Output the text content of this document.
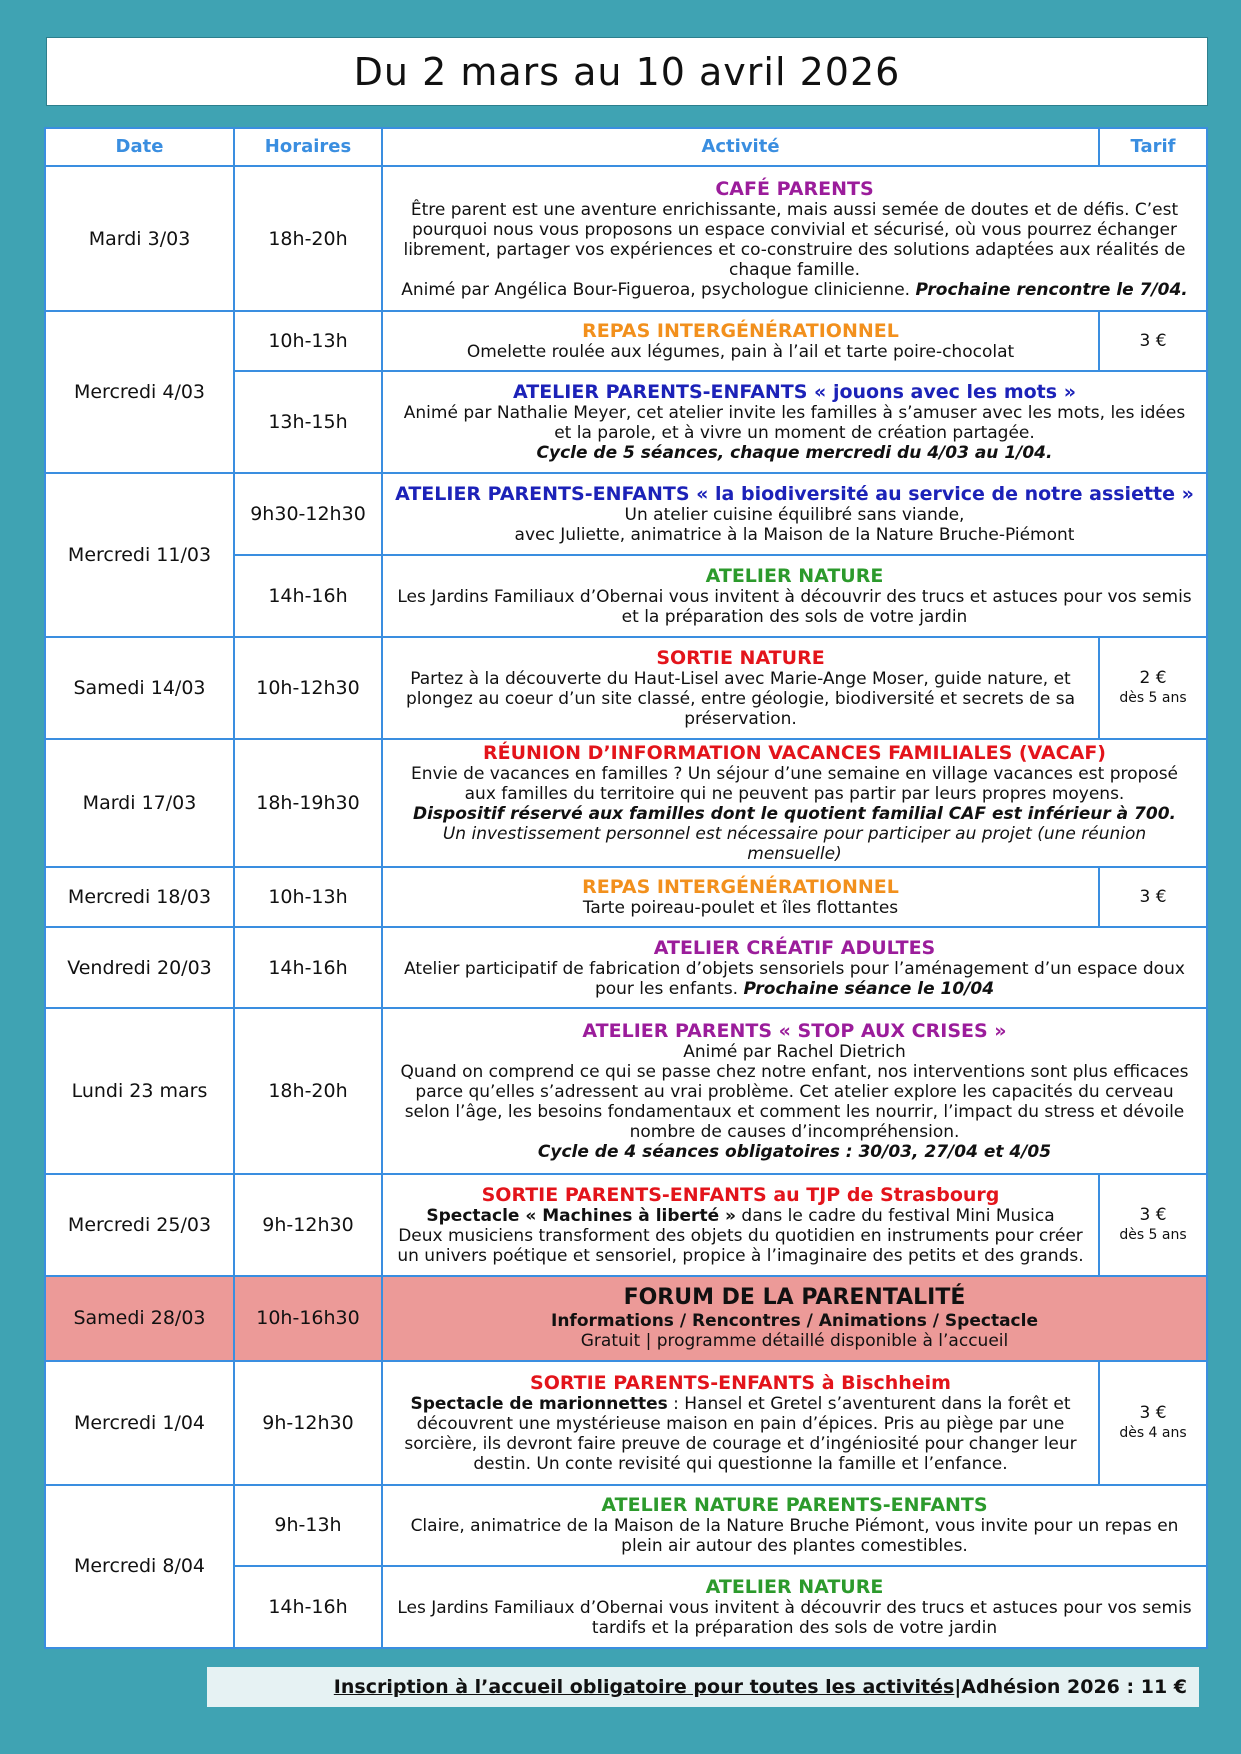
Du 2 mars au 10 avril 2026
Date	Horaires	Activité	Tarif
Mardi 3/03	18h-20h	CAFÉ PARENTS
Être parent est une aventure enrichissante, mais aussi semée de doutes et de défis. C’est pourquoi nous vous proposons un espace convivial et sécurisé, où vous pourrez échanger librement, partager vos expériences et co-construire des solutions adaptées aux réalités de chaque famille.
Animé par Angélica Bour-Figueroa, psychologue clinicienne. Prochaine rencontre le 7/04.	

Mercredi 4/03	10h-13h	REPAS INTERGÉNÉRATIONNEL
Omelette roulée aux légumes, pain à l’ail et tarte poire-chocolat	3 €
	13h-15h	ATELIER PARENTS-ENFANTS « jouons avec les mots »
Animé par Nathalie Meyer, cet atelier invite les familles à s’amuser avec les mots, les idées et la parole, et à vivre un moment de création partagée.
Cycle de 5 séances, chaque mercredi du 4/03 au 1/04.	

Mercredi 11/03	9h30-12h30	ATELIER PARENTS-ENFANTS « la biodiversité au service de notre assiette »
Un atelier cuisine équilibré sans viande,
avec Juliette, animatrice à la Maison de la Nature Bruche-Piémont	

	14h-16h	ATELIER NATURE
Les Jardins Familiaux d’Obernai vous invitent à découvrir des trucs et astuces pour vos semis et la préparation des sols de votre jardin	

Samedi 14/03	10h-12h30	SORTIE NATURE
Partez à la découverte du Haut-Lisel avec Marie-Ange Moser, guide nature, et plongez au coeur d’un site classé, entre géologie, biodiversité et secrets de sa préservation.	2 €
dès 5 ans

Mardi 17/03	18h-19h30	RÉUNION D’INFORMATION VACANCES FAMILIALES (VACAF)
Envie de vacances en familles ? Un séjour d’une semaine en village vacances est proposé aux familles du territoire qui ne peuvent pas partir par leurs propres moyens.
Dispositif réservé aux familles dont le quotient familial CAF est inférieur à 700.
Un investissement personnel est nécessaire pour participer au projet (une réunion mensuelle)	

Mercredi 18/03	10h-13h	REPAS INTERGÉNÉRATIONNEL
Tarte poireau-poulet et îles flottantes	3 €
Vendredi 20/03	14h-16h	ATELIER CRÉATIF ADULTES
Atelier participatif de fabrication d’objets sensoriels pour l’aménagement d’un espace doux pour les enfants. Prochaine séance le 10/04	

Lundi 23 mars	18h-20h	ATELIER PARENTS « STOP AUX CRISES »
Animé par Rachel Dietrich
Quand on comprend ce qui se passe chez notre enfant, nos interventions sont plus efficaces parce qu’elles s’adressent au vrai problème. Cet atelier explore les capacités du cerveau selon l’âge, les besoins fondamentaux et comment les nourrir, l’impact du stress et dévoile nombre de causes d’incompréhension.
Cycle de 4 séances obligatoires : 30/03, 27/04 et 4/05	

Mercredi 25/03	9h-12h30	SORTIE PARENTS-ENFANTS au TJP de Strasbourg
Spectacle « Machines à liberté » dans le cadre du festival Mini Musica
Deux musiciens transforment des objets du quotidien en instruments pour créer un univers poétique et sensoriel, propice à l’imaginaire des petits et des grands.	3 €
dès 5 ans

Samedi 28/03	10h-16h30	FORUM DE LA PARENTALITÉ
Informations / Rencontres / Animations / Spectacle
Gratuit | programme détaillé disponible à l’accueil	

Mercredi 1/04	9h-12h30	SORTIE PARENTS-ENFANTS à Bischheim
Spectacle de marionnettes : Hansel et Gretel s’aventurent dans la forêt et découvrent une mystérieuse maison en pain d’épices. Pris au piège par une sorcière, ils devront faire preuve de courage et d’ingéniosité pour changer leur destin. Un conte revisité qui questionne la famille et l’enfance.	3 €
dès 4 ans

Mercredi 8/04	9h-13h	ATELIER NATURE PARENTS-ENFANTS
Claire, animatrice de la Maison de la Nature Bruche Piémont, vous invite pour un repas en plein air autour des plantes comestibles.	

	14h-16h	ATELIER NATURE
Les Jardins Familiaux d’Obernai vous invitent à découvrir des trucs et astuces pour vos semis tardifs et la préparation des sols de votre jardin	
Inscription à l’accueil obligatoire pour toutes les activités | Adhésion 2026 : 11 €
